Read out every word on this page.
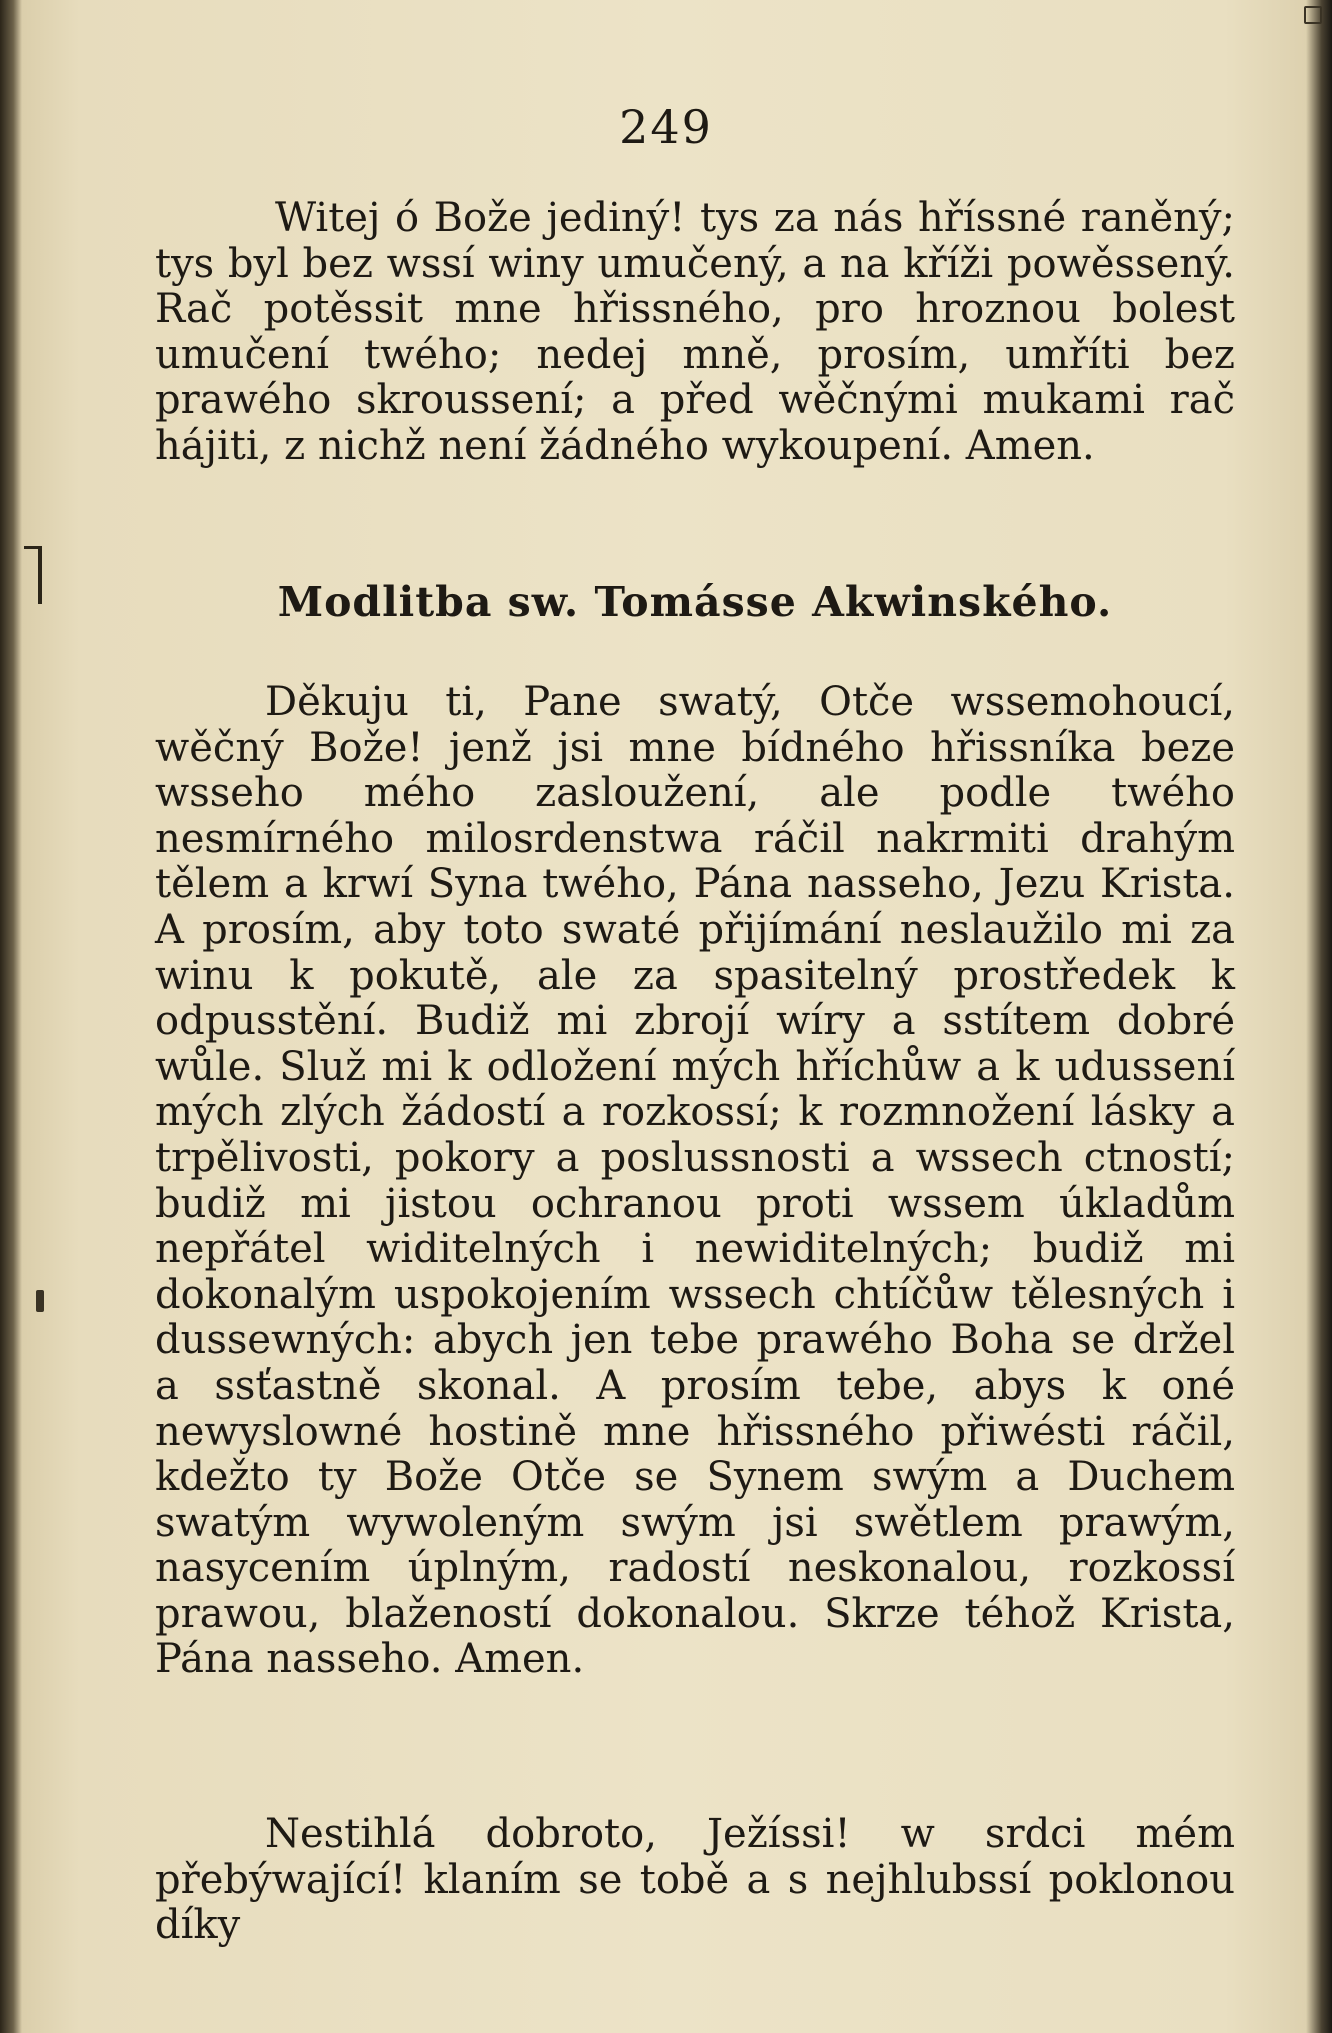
249

Witej ó Bože jediný! tys za nás hříssné raněný; tys byl bez wssí winy umučený, a na kříži powěssený. Rač potěssit mne hřissného, pro hroznou bolest umučení twého; nedej mně, prosím, umříti bez prawého skroussení; a před wěčnými mukami rač hájiti, z nichž není žádného wykoupení. Amen.

Modlitba sw. Tomásse Akwinského.

Děkuju ti, Pane swatý, Otče wssemohoucí, wěčný Bože! jenž jsi mne bídného hřissníka beze wsseho mého zasloužení, ale podle twého nesmírného milosrdenstwa ráčil nakrmiti drahým tělem a krwí Syna twého, Pána nasseho, Jezu Krista. A prosím, aby toto swaté přijímání neslaužilo mi za winu k pokutě, ale za spasitelný prostředek k odpusstění. Budiž mi zbrojí wíry a sstítem dobré wůle. Služ mi k odložení mých hříchůw a k udussení mých zlých žádostí a rozkossí; k rozmnožení lásky a trpělivosti, pokory a poslussnosti a wssech ctností; budiž mi jistou ochranou proti wssem úkladům nepřátel widitelných i newiditelných; budiž mi dokonalým uspokojením wssech chtíčůw tělesných i dussewných: abych jen tebe prawého Boha se držel a ssťastně skonal. A prosím tebe, abys k oné newyslowné hostině mne hřissného přiwésti ráčil, kdežto ty Bože Otče se Synem swým a Duchem swatým wywoleným swým jsi swětlem prawým, nasycením úplným, radostí neskonalou, rozkossí prawou, blažeností dokonalou. Skrze téhož Krista, Pána nasseho. Amen.

Nestihlá dobroto, Ježíssi! w srdci mém přebýwající! klaním se tobě a s nejhlubssí poklonou díky
